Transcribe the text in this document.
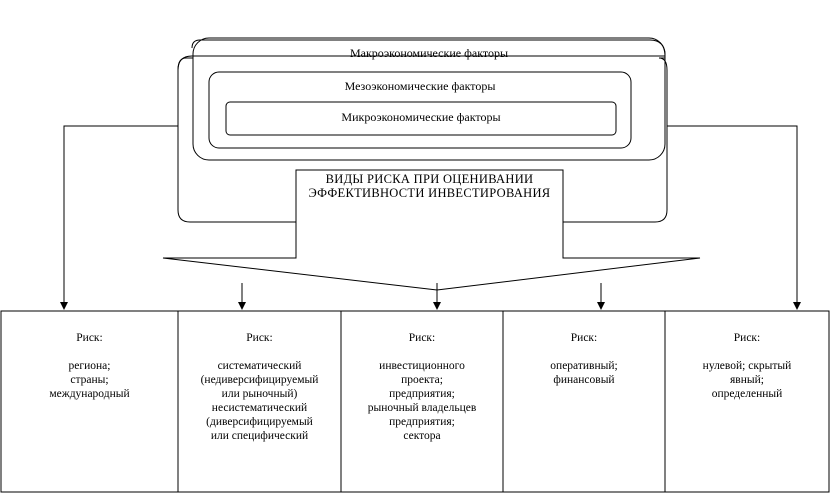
Макроэкономические факторы
Мезоэкономические факторы
Микроэкономические факторы
ВИДЫ РИСКА ПРИ ОЦЕНИВАНИИ
ЭФФЕКТИВНОСТИ ИНВЕСТИРОВАНИЯ

Риск:

региона;
страны;
международный

Риск:

систематический
(недиверсифицируемый
или рыночный)
несистематический
(диверсифицируемый
или специфический

Риск:

инвестиционного
проекта;
предприятия;
рыночный владельцев
предприятия;
сектора

Риск:

оперативный;
финансовый

Риск:

нулевой; скрытый
явный;
определенный
